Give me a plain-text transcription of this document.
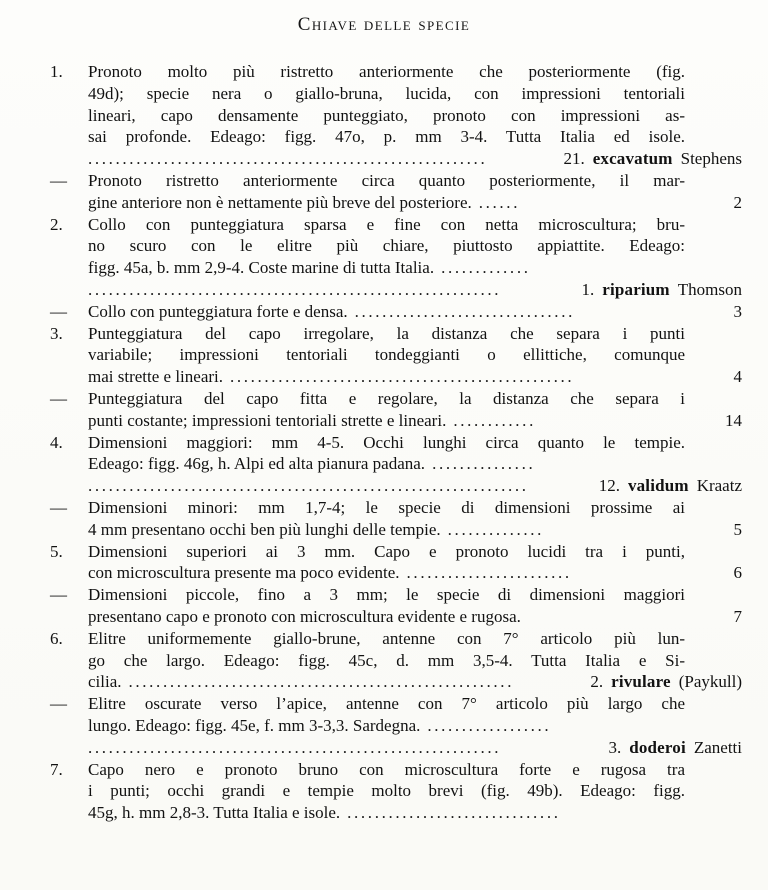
Chiave delle specie
1.	Pronoto molto più ristretto anteriormente che posteriormente (fig.
49d); specie nera o giallo-bruna, lucida, con impressioni tentoriali
lineari, capo densamente punteggiato, pronoto con impressioni as-
sai profonde. Edeago: figg. 47o, p. mm 3-4. Tutta Italia ed isole.
..........................................................	21. excavatum Stephens
—	Pronoto ristretto anteriormente circa quanto posteriormente, il mar-
gine anteriore non è nettamente più breve del posteriore. ......	2
2.	Collo con punteggiatura sparsa e fine con netta microscultura; bru-
no scuro con le elitre più chiare, piuttosto appiattite. Edeago:
figg. 45a, b. mm 2,9-4. Coste marine di tutta Italia. .............
............................................................	1. riparium Thomson
—	Collo con punteggiatura forte e densa. ................................	3
3.	Punteggiatura del capo irregolare, la distanza che separa i punti
variabile; impressioni tentoriali tondeggianti o ellittiche, comunque
mai strette e lineari. ..................................................	4
—	Punteggiatura del capo fitta e regolare, la distanza che separa i
punti costante; impressioni tentoriali strette e lineari. ............	14
4.	Dimensioni maggiori: mm 4-5. Occhi lunghi circa quanto le tempie.
Edeago: figg. 46g, h. Alpi ed alta pianura padana. ...............
................................................................	12. validum Kraatz
—	Dimensioni minori: mm 1,7-4; le specie di dimensioni prossime ai
4 mm presentano occhi ben più lunghi delle tempie. ..............	5
5.	Dimensioni superiori ai 3 mm. Capo e pronoto lucidi tra i punti,
con microscultura presente ma poco evidente. ........................	6
—	Dimensioni piccole, fino a 3 mm; le specie di dimensioni maggiori
presentano capo e pronoto con microscultura evidente e rugosa.	7
6.	Elitre uniformemente giallo-brune, antenne con 7° articolo più lun-
go che largo. Edeago: figg. 45c, d. mm 3,5-4. Tutta Italia e Si-
cilia. ........................................................	2. rivulare (Paykull)
—	Elitre oscurate verso l’apice, antenne con 7° articolo più largo che
lungo. Edeago: figg. 45e, f. mm 3-3,3. Sardegna. ..................
............................................................	3. doderoi Zanetti
7.	Capo nero e pronoto bruno con microscultura forte e rugosa tra
i punti; occhi grandi e tempie molto brevi (fig. 49b). Edeago: figg.
45g, h. mm 2,8-3. Tutta Italia e isole. ...............................
